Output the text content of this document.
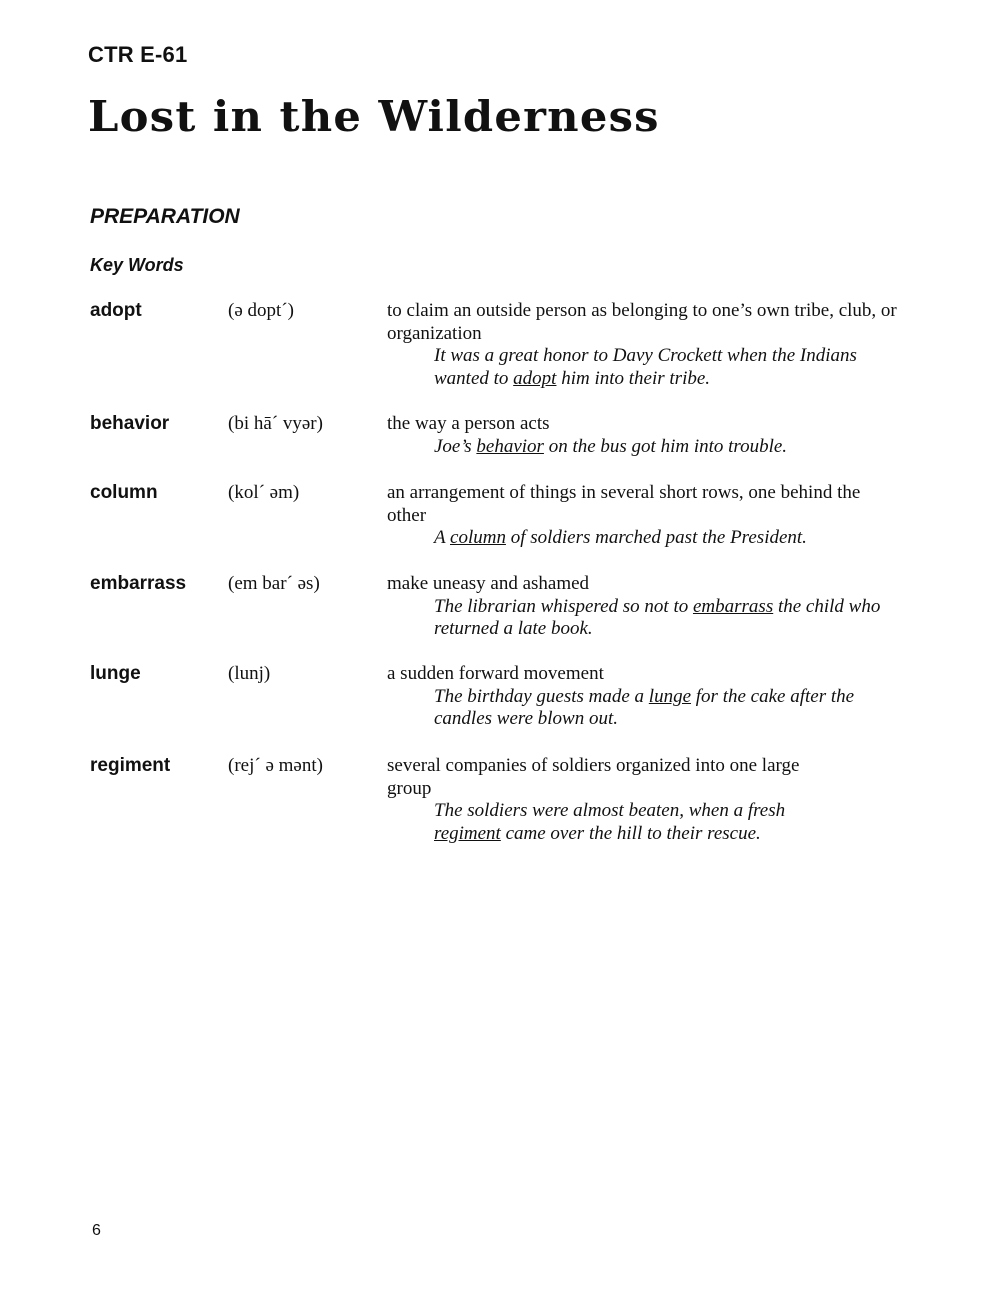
CTR E-61
Lost in the Wilderness
PREPARATION
Key Words
adopt	(ə dopt´)	to claim an outside person as belonging to one’s own tribe, club, or organization
It was a great honor to Davy Crockett when the Indians wanted to adopt him into their tribe.
behavior	(bi hā´ vyər)	the way a person acts
Joe’s behavior on the bus got him into trouble.
column	(kol´ əm)	an arrangement of things in several short rows, one behind the other
A column of soldiers marched past the President.
embarrass (em bar´ əs)	make uneasy and ashamed
The librarian whispered so not to embarrass the child who returned a late book.
lunge	(lunj)	a sudden forward movement
The birthday guests made a lunge for the cake after the candles were blown out.
regiment	(rej´ ə mənt)	several companies of soldiers organized into one large group
The soldiers were almost beaten, when a fresh regiment came over the hill to their rescue.
6
